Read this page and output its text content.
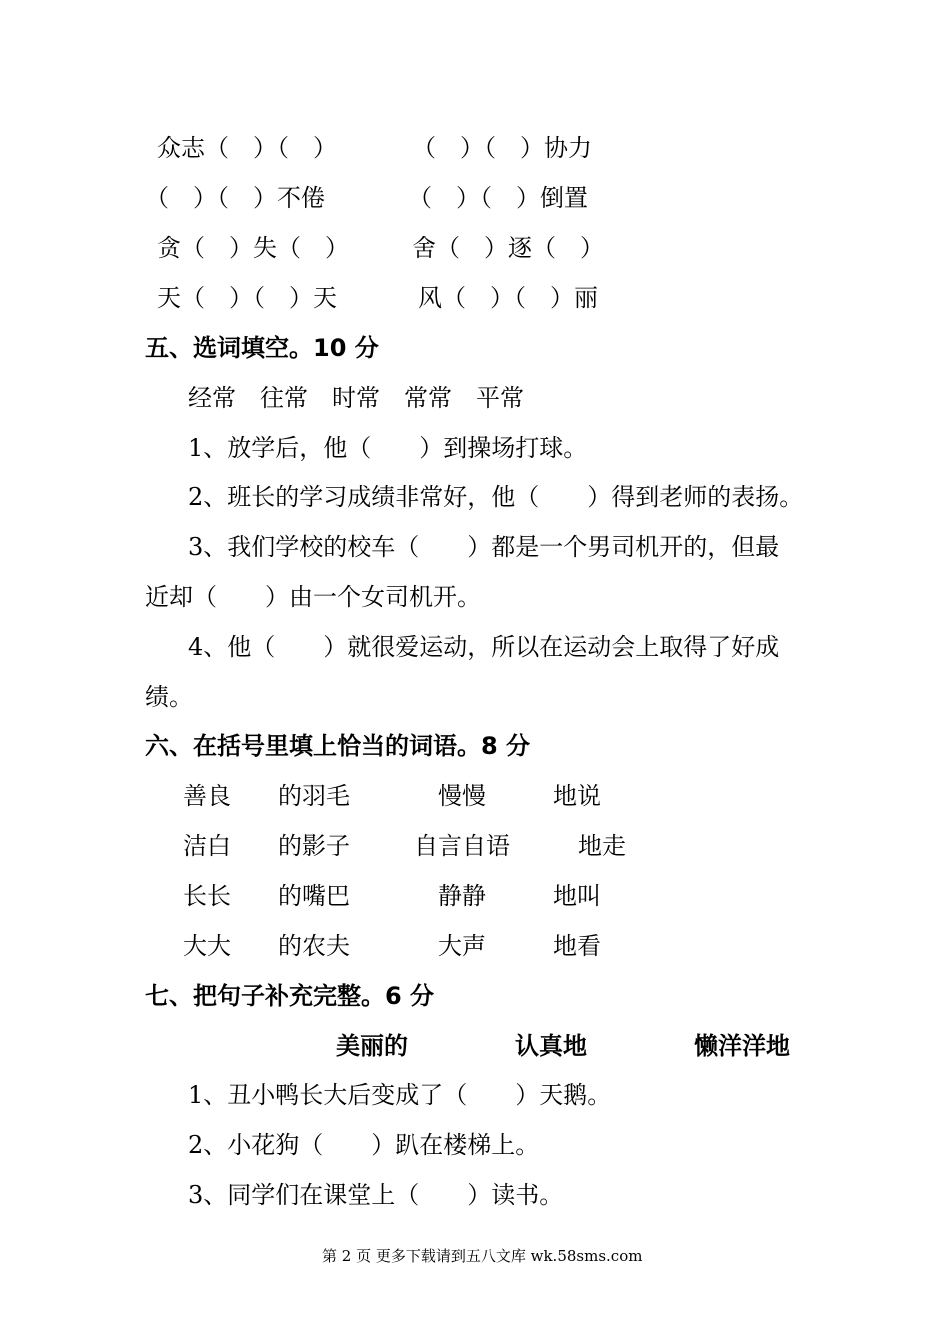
众志（　）（　）	（　）（　）协力
（　）（　）不倦	（　）（　）倒置
贪（　）失（　）	舍（　）逐（　）
天（　）（　）天	风（　）（　）丽
五、选词填空。10 分
经常　往常　时常　常常　平常
1、放学后，他（　　）到操场打球。
2、班长的学习成绩非常好，他（　　）得到老师的表扬。
3、我们学校的校车（　　）都是一个男司机开的，但最
近却（　　）由一个女司机开。
4、他（　　）就很爱运动，所以在运动会上取得了好成
绩。
六、在括号里填上恰当的词语。8 分
善良 的羽毛	慢慢	地说
洁白 的影子	自言自语	地走
长长 的嘴巴	静静	地叫
大大 的农夫	大声	地看
七、把句子补充完整。6 分
美丽的	认真地	懒洋洋地
1、丑小鸭长大后变成了（　　）天鹅。
2、小花狗（　　）趴在楼梯上。
3、同学们在课堂上（　　）读书。
第 2 页 更多下载请到五八文库 wk.58sms.com
